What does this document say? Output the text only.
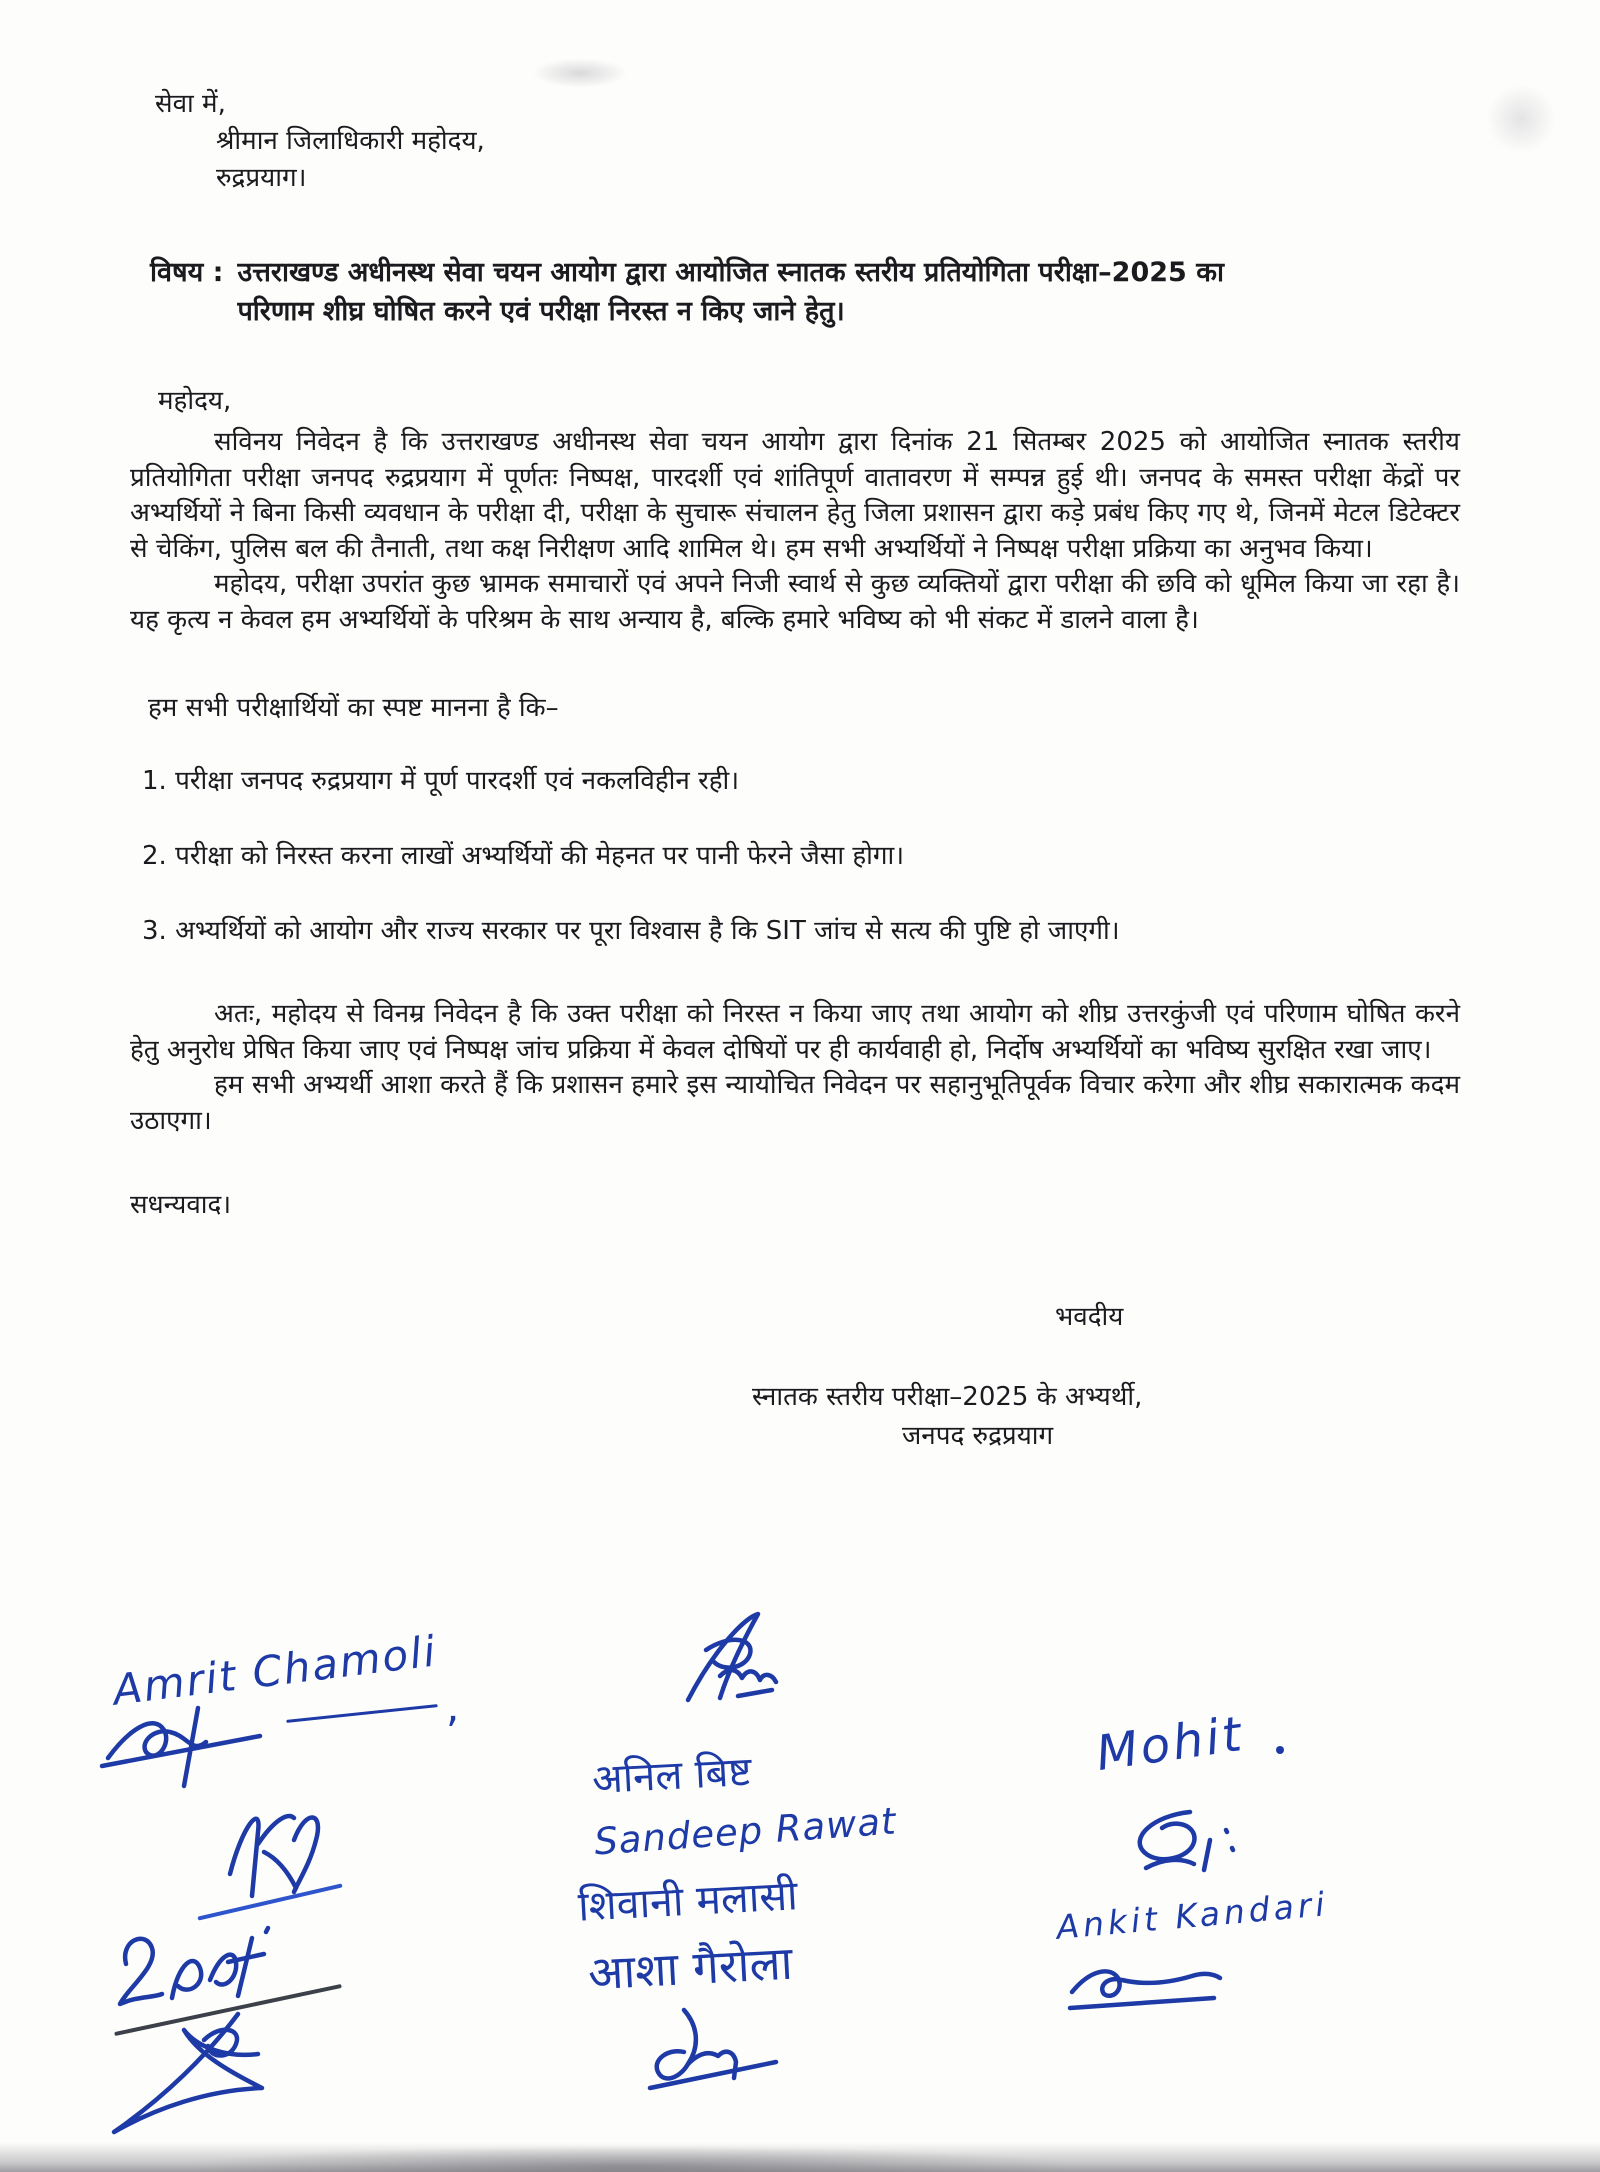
सेवा में,
श्रीमान जिलाधिकारी महोदय,
रुद्रप्रयाग।
विषय : उत्तराखण्ड अधीनस्थ सेवा चयन आयोग द्वारा आयोजित स्नातक स्तरीय प्रतियोगिता परीक्षा–2025 का परिणाम शीघ्र घोषित करने एवं परीक्षा निरस्त न किए जाने हेतु।
महोदय,

सविनय निवेदन है कि उत्तराखण्ड अधीनस्थ सेवा चयन आयोग द्वारा दिनांक 21 सितम्बर 2025 को आयोजित स्नातक स्तरीय प्रतियोगिता परीक्षा जनपद रुद्रप्रयाग में पूर्णतः निष्पक्ष, पारदर्शी एवं शांतिपूर्ण वातावरण में सम्पन्न हुई थी। जनपद के समस्त परीक्षा केंद्रों पर अभ्यर्थियों ने बिना किसी व्यवधान के परीक्षा दी, परीक्षा के सुचारू संचालन हेतु जिला प्रशासन द्वारा कड़े प्रबंध किए गए थे, जिनमें मेटल डिटेक्टर से चेकिंग, पुलिस बल की तैनाती, तथा कक्ष निरीक्षण आदि शामिल थे। हम सभी अभ्यर्थियों ने निष्पक्ष परीक्षा प्रक्रिया का अनुभव किया।

महोदय, परीक्षा उपरांत कुछ भ्रामक समाचारों एवं अपने निजी स्वार्थ से कुछ व्यक्तियों द्वारा परीक्षा की छवि को धूमिल किया जा रहा है। यह कृत्य न केवल हम अभ्यर्थियों के परिश्रम के साथ अन्याय है, बल्कि हमारे भविष्य को भी संकट में डालने वाला है।

हम सभी परीक्षार्थियों का स्पष्ट मानना है कि–
1. परीक्षा जनपद रुद्रप्रयाग में पूर्ण पारदर्शी एवं नकलविहीन रही।
2. परीक्षा को निरस्त करना लाखों अभ्यर्थियों की मेहनत पर पानी फेरने जैसा होगा।
3. अभ्यर्थियों को आयोग और राज्य सरकार पर पूरा विश्वास है कि SIT जांच से सत्य की पुष्टि हो जाएगी।

अतः, महोदय से विनम्र निवेदन है कि उक्त परीक्षा को निरस्त न किया जाए तथा आयोग को शीघ्र उत्तरकुंजी एवं परिणाम घोषित करने हेतु अनुरोध प्रेषित किया जाए एवं निष्पक्ष जांच प्रक्रिया में केवल दोषियों पर ही कार्यवाही हो, निर्दोष अभ्यर्थियों का भविष्य सुरक्षित रखा जाए।

हम सभी अभ्यर्थी आशा करते हैं कि प्रशासन हमारे इस न्यायोचित निवेदन पर सहानुभूतिपूर्वक विचार करेगा और शीघ्र सकारात्मक कदम उठाएगा।

सधन्यवाद।
भवदीय
स्नातक स्तरीय परीक्षा–2025 के अभ्यर्थी,
जनपद रुद्रप्रयाग
Amrit Chamoli ,
अनिल बिष्ट
Sandeep Rawat
शिवानी मलासी
आशा गैरोला
Mohit
Ankit Kandari
